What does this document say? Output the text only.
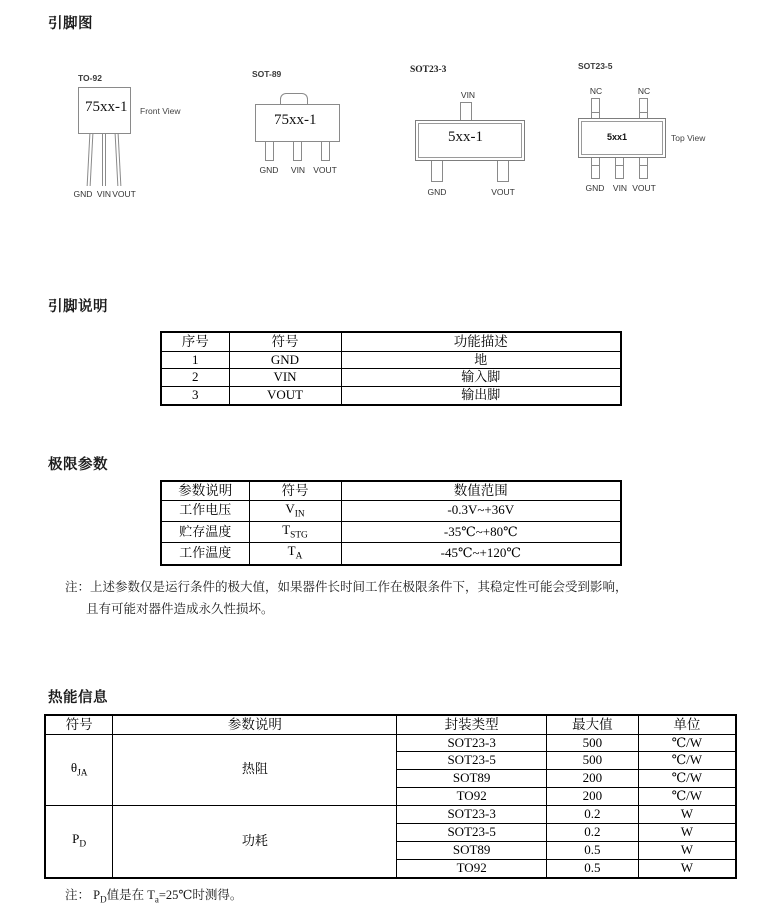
引脚图
TO-92
75xx-1 Front View
GND VIN VOUT
SOT-89
75xx-1
GND	VIN VOUT
SOT23-3
VIN
5xx-1
GND	VOUT
SOT23-5
NC	NC
5xx1	Top View
GND VIN VOUT
引脚说明
序号	符号	功能描述
1	GND	地
2	VIN	输入脚
3	VOUT	输出脚
极限参数
参数说明	符号	数值范围
工作电压	$V_{IN}$	-0.3V~+36V
贮存温度	$T_{STG}$	-35℃~+80℃
工作温度	$T_A$	-45℃~+120℃
注：上述参数仅是运行条件的极大值，如果器件长时间工作在极限条件下，其稳定性可能会受到影响，
且有可能对器件造成永久性损坏。
热能信息
符号	参数说明	封装类型	最大值	单位
$\theta_{JA}$	热阻	SOT23-3	500	℃/W
		SOT23-5	500	℃/W
		SOT89	200	℃/W
		TO92	200	℃/W
$P_D$	功耗	SOT23-3	0.2	W
		SOT23-5	0.2	W
		SOT89	0.5	W
		TO92	0.5	W
注： $P_D$值是在 $T_a=25℃$时测得。
